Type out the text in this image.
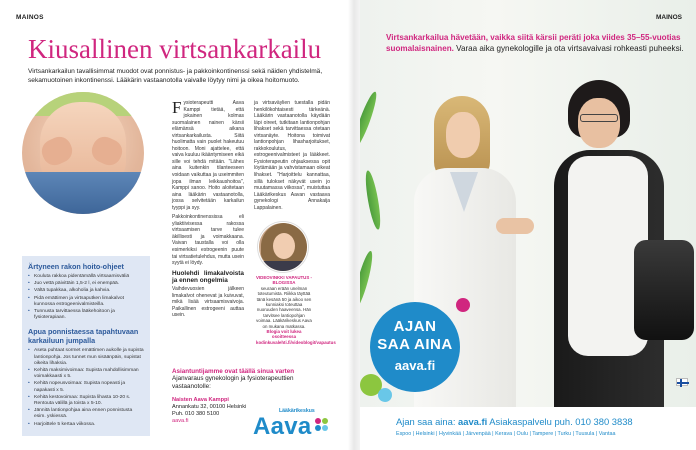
MAINOS
Kiusallinen virtsankarkailu
Virtsankarkailun tavallisimmat muodot ovat ponnistus- ja pakkoinkontinenssi sekä näiden yhdistelmä, sekamuotoinen inkontinenssi. Lääkärin vastaanotolla vaivalle löytyy nimi ja oikea hoitomuoto.
Ärtyneen rakon hoito-ohjeet
• Koulutа rakkoa pidentämällä virtsaamisväliä
• Juo vettä päivittäin 1,5-2 l, ei enempää.
• Vältä tupakkaa, alkoholia ja kahvia.
• Pidä emättimen ja virtsaputken limakalvot kunnossa estrogeenivalmisteilla.
• Tunnusta tarvittaessa lääkehoitoon ja fysioterapiaan.
Apua ponnistaessa tapahtuvaan karkailuun jumpalla
• Aseta puhtaat sormet emättimen aukolle ja supista lantionpohja. Jos tunnet mun sisäänpäin, supistat oikeita lihaksia.
• Kehitä maksimivoimaa: Supista mahdollisimman voimakkaasti x 5.
• Kehitä nopeusvoimaa: Supista nopeasti ja napakasti x 5.
• Kehitä kestovoimaa: Supista lihasta 10-20 s. Rentouta välillä ja toista x 5-10.
• Jännitä lantionpohjaa aina ennen ponnistusta esim. yskiessä.
• Harjoittele 5 kertaa viikossa.
Fysioterapeutti Aava Kamppi tietää, että jokainen kolmas suomalainen nainen kärsii elämänsä aikana virtsankarkailusta. Siitä huolimatta vain puolet hakeutuu hoitoon. Moni ajattelee, että vaiva kuuluu ikääntymiseen eikä sille voi tehdä mitään. "Lähes aina kuitenkin tilanteeseen voidaan vaikuttaa ja useimmiten jopa ilman leikkaushoitoa", Kamppi sanoo. Hoito aloitetaan aina lääkärin vastaanotolla, jossa selvitetään karkailun tyyppi ja syy.

Pakkoinkontinenssissa eli yliaktiivisessa rakossa virtsaamisen tarve tulee äkillisesti ja voimakkaana. Vaivan taustalla voi olla esimerkiksi estrogeenin puute tai virtsatietulehdus, mutta usein syytä ei löydy.

Huolehdi limakalvoista ja ennen ongelmia

Vaihdevuosien jälkeen limakalvot ohenevat ja kuivuvat, mikä lisää virtsaamisvaivoja. Paikallinen estrogeeni auttaa usein.

ja virtsaväylien tuestalla pidän henkilökohtaisesti tärkeänä. Lääkärin vastaanotolla käydään läpi oireet, tutkitaan lantionpohjan lihakset sekä tarvittaessa otetaan virtsanäyte. Hoitona toimivat lantionpohjan lihasharjoitukset, rakkokoulutus, estrogeenivalmisteet ja lääkkeet. Fysioterapeutin ohjauksessa opit löytämään ja vahvistamaan oikeat lihakset. "Harjoittelu kannattaa, sillä tulokset näkyvät usein jo muutamassa viikossa", muistuttaa Lääkärikeskus Aavan vastaava gynekologi Annakaija Lappalainen.

VIDEOVINKKI VAPAUTUS -BLOGISSA
seuraan erään unelman toteutumista. Riikka täyttää tänä kesänä 50 ja aikoo sen kunniaksi toteuttaa nuoruuden haaveensa. Hän tarvitsee lantiopohjan voimaa. Lääkärikeskus Aava on mukana matkassa. Blogia voit lukea osoitteessa kodinkuvalehti.fi/videoblogit/vapautus
Asiantuntijamme ovat täällä sinua varten
Ajanvaraus gynekologin ja fysioterapeuttien vastaanotolle:
Naisten Aava Kamppi
Annankatu 32, 00100 Helsinki
Puh. 010 380 5100
aava.fi
Lääkärikeskus
Aava
MAINOS
Virtsankarkailua hävetään, vaikka siitä kärsii peräti joka viides 35–55-vuotias suomalaisnainen. Varaa aika gynekologille ja otа virtsavaivasi rohkeasti puheeksi.
AJAN
SAA AINA
aava.fi
Ajan saa aina: aava.fi Asiakaspalvelu puh. 010 380 3838
Espoo | Helsinki | Hyvinkää | Järvenpää | Kerava | Oulu | Tampere | Turku | Tuusula | Vantaa
